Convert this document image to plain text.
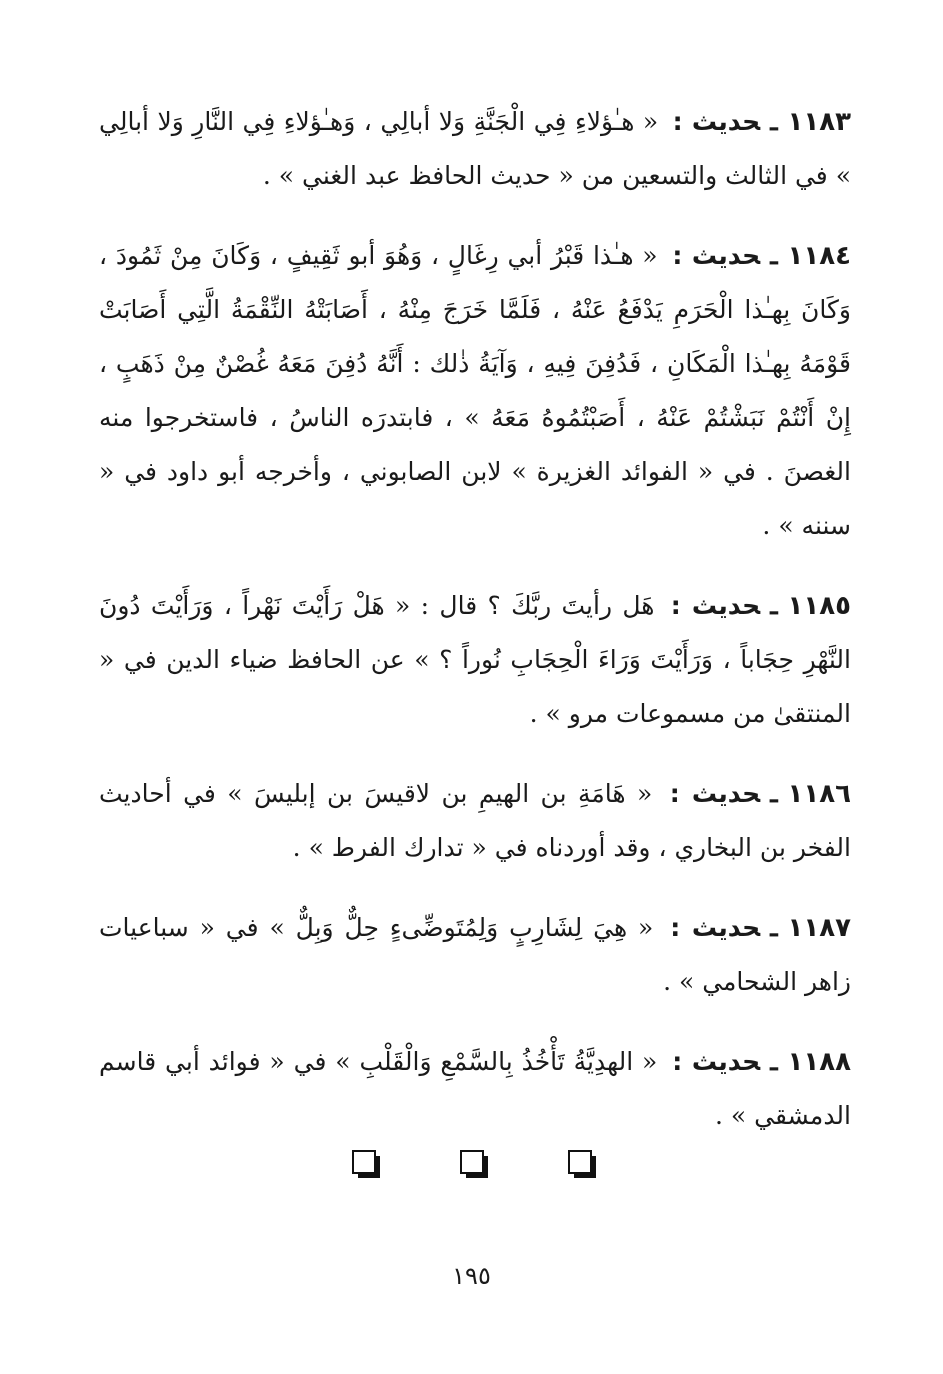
١١٨٣ـحديث : « هـٰؤلاءِ فِي الْجَنَّةِ وَلا أبالِي ، وَهـٰؤلاءِ فِي النَّارِ وَلا أبالِي » في الثالث والتسعين من « حديث الحافظ عبد الغني » .
١١٨٤ـحديث : « هـٰذا قَبْرُ أبي رِغَالٍ ، وَهُوَ أبو ثَقِيفٍ ، وَكَانَ مِنْ ثَمُودَ ، وَكَانَ بِهـٰذا الْحَرَمِ يَدْفَعُ عَنْهُ ، فَلَمَّا خَرَجَ مِنْهُ ، أَصَابَتْهُ النِّقْمَةُ الَّتِي أَصَابَتْ قَوْمَهُ بِهـٰذا الْمَكَانِ ، فَدُفِنَ فِيهِ ، وَآيَةُ ذٰلك : أَنَّهُ دُفِنَ مَعَهُ غُصْنٌ مِنْ ذَهَبٍ ، إِنْ أَنْتُمْ نَبَشْتُمْ عَنْهُ ، أَصَبْتُمُوهُ مَعَهُ » ، فابتدرَه الناسُ ، فاستخرجوا منه الغصنَ . في « الفوائد الغزيرة » لابن الصابوني ، وأخرجه أبو داود في « سننه » .
١١٨٥ـحديث : هَل رأيتَ ربَّكَ ؟ قال : « هَلْ رَأَيْتَ نَهْراً ، وَرَأَيْتَ دُونَ النَّهْرِ حِجَاباً ، وَرَأَيْتَ وَرَاءَ الْحِجَابِ نُوراً ؟ » عن الحافظ ضياء الدين في « المنتقىٰ من مسموعات مرو » .
١١٨٦ـحديث : « هَامَةِ بن الهيمِ بن لاقيسَ بن إبليسَ » في أحاديث الفخر بن البخاري ، وقد أوردناه في « تدارك الفرط » .
١١٨٧ـحديث : « هِيَ لِشَارِبٍ وَلِمُتَوضِّىءٍ حِلٌّ وَبِلٌّ » في « سباعيات زاهر الشحامي » .
١١٨٨ـحديث : « الهدِيَّةُ تَأْخُذُ بِالسَّمْعِ وَالْقَلْبِ » في « فوائد أبي قاسم الدمشقي » .
١٩٥
